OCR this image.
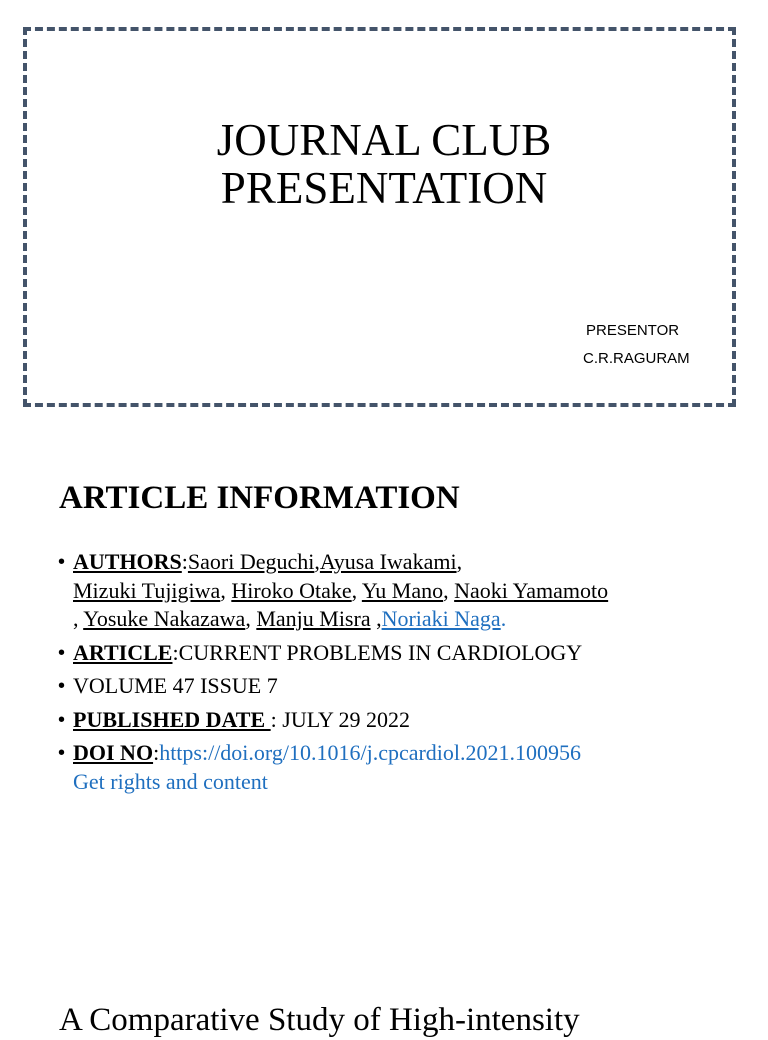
JOURNAL CLUB
PRESENTATION
PRESENTOR
C.R.RAGURAM
ARTICLE INFORMATION
• AUTHORS:Saori Deguchi,Ayusa Iwakami,
Mizuki Tujigiwa, Hiroko Otake, Yu Mano, Naoki Yamamoto
, Yosuke Nakazawa, Manju Misra ,Noriaki Naga.
• ARTICLE:CURRENT PROBLEMS IN CARDIOLOGY
• VOLUME 47 ISSUE 7
• PUBLISHED DATE : JULY 29 2022
• DOI NO:https://doi.org/10.1016/j.cpcardiol.2021.100956
Get rights and content
A Comparative Study of High-intensity
